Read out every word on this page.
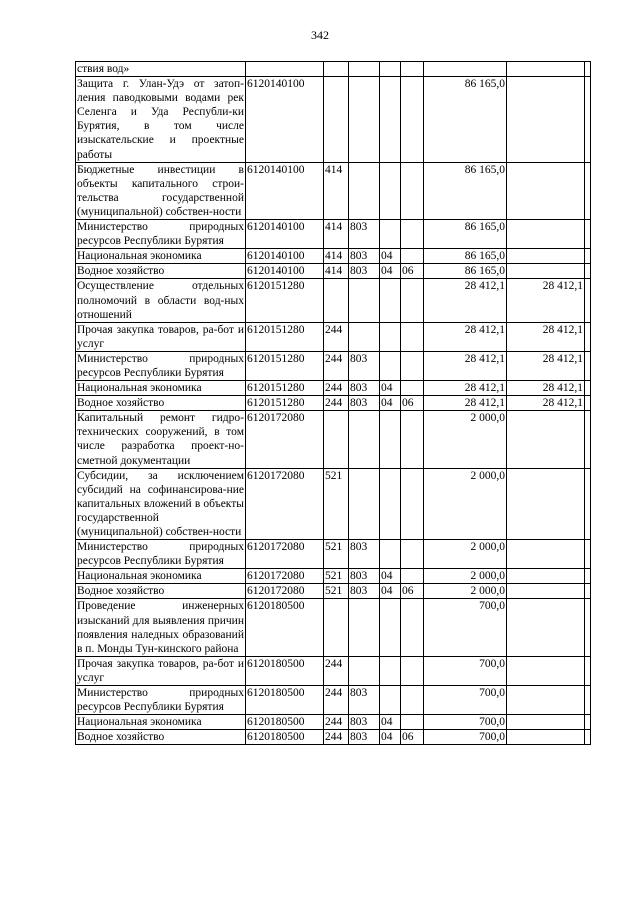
342
ствия вод»								
Защита г. Улан-Удэ от затоп-ления паводковыми водами рек Селенга и Уда Республи-ки Бурятия, в том числе изыскательские и проектные работы	6120140100					86 165,0		
Бюджетные инвестиции в объекты капитального строи-тельства государственной (муниципальной) собствен-ности	6120140100	414				86 165,0		
Министерство природных ресурсов Республики Бурятия	6120140100	414	803			86 165,0		
Национальная экономика	6120140100	414	803	04		86 165,0		
Водное хозяйство	6120140100	414	803	04	06	86 165,0		
Осуществление отдельных полномочий в области вод-ных отношений	6120151280					28 412,1	28 412,1	
Прочая закупка товаров, ра-бот и услуг	6120151280	244				28 412,1	28 412,1	
Министерство природных ресурсов Республики Бурятия	6120151280	244	803			28 412,1	28 412,1	
Национальная экономика	6120151280	244	803	04		28 412,1	28 412,1	
Водное хозяйство	6120151280	244	803	04	06	28 412,1	28 412,1	
Капитальный ремонт гидро-технических сооружений, в том числе разработка проект-но-сметной документации	6120172080					2 000,0		
Субсидии, за исключением субсидий на софинансирова-ние капитальных вложений в объекты государственной (муниципальной) собствен-ности	6120172080	521				2 000,0		
Министерство природных ресурсов Республики Бурятия	6120172080	521	803			2 000,0		
Национальная экономика	6120172080	521	803	04		2 000,0		
Водное хозяйство	6120172080	521	803	04	06	2 000,0		
Проведение инженерных изысканий для выявления причин появления наледных образований в п. Монды Тун-кинского района	6120180500					700,0		
Прочая закупка товаров, ра-бот и услуг	6120180500	244				700,0		
Министерство природных ресурсов Республики Бурятия	6120180500	244	803			700,0		
Национальная экономика	6120180500	244	803	04		700,0		
Водное хозяйство	6120180500	244	803	04	06	700,0		
